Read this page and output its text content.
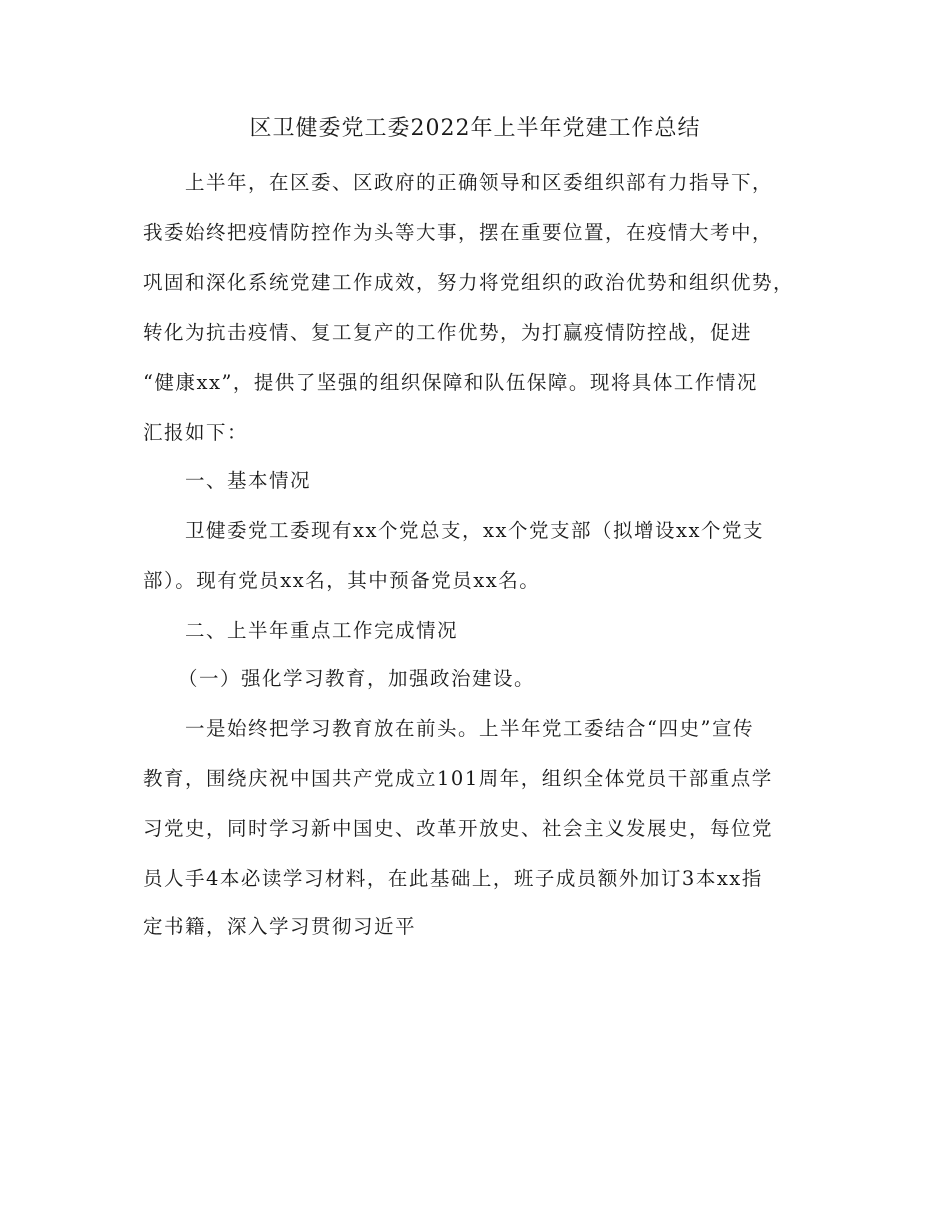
区卫健委党工委2022年上半年党建工作总结

上半年，在区委、区政府的正确领导和区委组织部有力指导下，

我委始终把疫情防控作为头等大事，摆在重要位置，在疫情大考中，

巩固和深化系统党建工作成效，努力将党组织的政治优势和组织优势，

转化为抗击疫情、复工复产的工作优势，为打赢疫情防控战，促进

“健康xx”，提供了坚强的组织保障和队伍保障。现将具体工作情况

汇报如下：

一、基本情况

卫健委党工委现有xx个党总支，xx个党支部（拟增设xx个党支

部）。现有党员xx名，其中预备党员xx名。

二、上半年重点工作完成情况

（一）强化学习教育，加强政治建设。

一是始终把学习教育放在前头。上半年党工委结合“四史”宣传

教育，围绕庆祝中国共产党成立101周年，组织全体党员干部重点学

习党史，同时学习新中国史、改革开放史、社会主义发展史，每位党

员人手4本必读学习材料，在此基础上，班子成员额外加订3本xx指

定书籍，深入学习贯彻习近平
